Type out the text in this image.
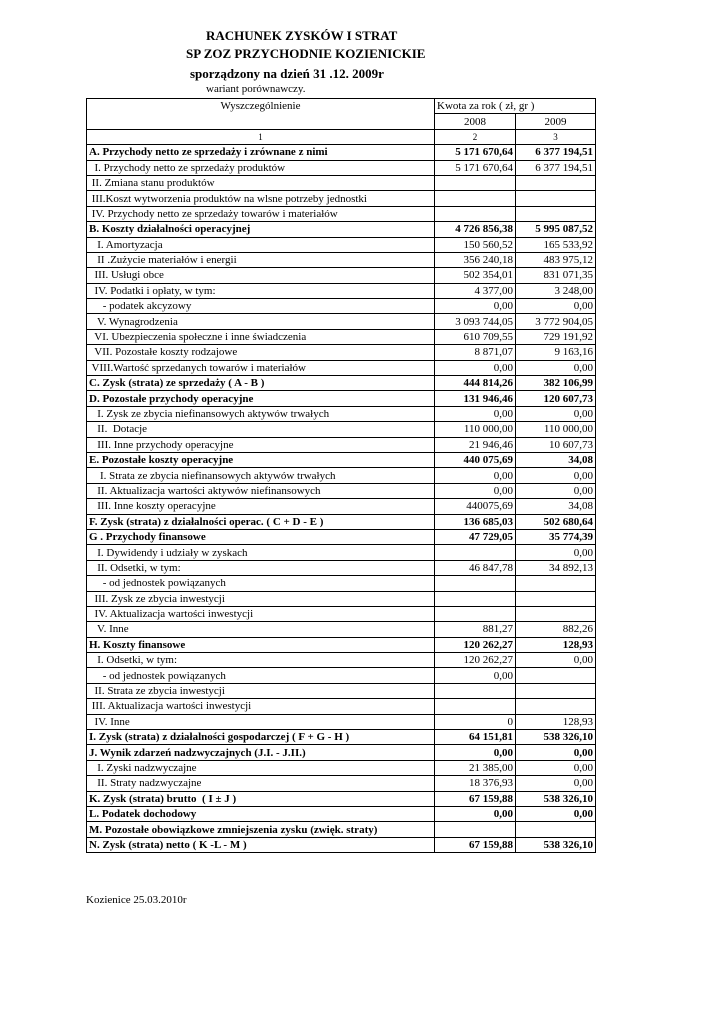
RACHUNEK ZYSKÓW I STRAT
SP ZOZ PRZYCHODNIE KOZIENICKIE
sporządzony na dzień 31 .12. 2009r
wariant porównawczy.
Wyszczególnienie	Kwota za rok ( zł, gr )	
	2008	2009
1	2	3
A. Przychody netto ze sprzedaży i zrównane z nimi	5 171 670,64	6 377 194,51
I. Przychody netto ze sprzedaży produktów	5 171 670,64	6 377 194,51
II. Zmiana stanu produktów		
III.Koszt wytworzenia produktów na wlsne potrzeby jednostki		
IV. Przychody netto ze sprzedaży towarów i materiałów		
B. Koszty działalności operacyjnej	4 726 856,38	5 995 087,52
I. Amortyzacja	150 560,52	165 533,92
II .Zużycie materiałów i energii	356 240,18	483 975,12
III. Usługi obce	502 354,01	831 071,35
IV. Podatki i opłaty, w tym:	4 377,00	3 248,00
- podatek akcyzowy	0,00	0,00
V. Wynagrodzenia	3 093 744,05	3 772 904,05
VI. Ubezpieczenia społeczne i inne świadczenia	610 709,55	729 191,92
VII. Pozostałe koszty rodzajowe	8 871,07	9 163,16
VIII.Wartość sprzedanych towarów i materiałów	0,00	0,00
C. Zysk (strata) ze sprzedaży ( A - B )	444 814,26	382 106,99
D. Pozostałe przychody operacyjne	131 946,46	120 607,73
I. Zysk ze zbycia niefinansowych aktywów trwałych	0,00	0,00
II.  Dotacje	110 000,00	110 000,00
III. Inne przychody operacyjne	21 946,46	10 607,73
E. Pozostałe koszty operacyjne	440 075,69	34,08
I. Strata ze zbycia niefinansowych aktywów trwałych	0,00	0,00
II. Aktualizacja wartości aktywów niefinansowych	0,00	0,00
III. Inne koszty operacyjne	440075,69	34,08
F. Zysk (strata) z działalności operac. ( C + D - E )	136 685,03	502 680,64
G . Przychody finansowe	47 729,05	35 774,39
I. Dywidendy i udziały w zyskach		0,00
II. Odsetki, w tym:	46 847,78	34 892,13
- od jednostek powiązanych		
III. Zysk ze zbycia inwestycji		
IV. Aktualizacja wartości inwestycji		
V. Inne	881,27	882,26
H. Koszty finansowe	120 262,27	128,93
I. Odsetki, w tym:	120 262,27	0,00
- od jednostek powiązanych	0,00	
II. Strata ze zbycia inwestycji		
III. Aktualizacja wartości inwestycji		
IV. Inne	0	128,93
I. Zysk (strata) z działalności gospodarczej ( F + G - H )	64 151,81	538 326,10
J. Wynik zdarzeń nadzwyczajnych (J.I. - J.II.)	0,00	0,00
I. Zyski nadzwyczajne	21 385,00	0,00
II. Straty nadzwyczajne	18 376,93	0,00
K. Zysk (strata) brutto  ( I ± J )	67 159,88	538 326,10
L. Podatek dochodowy	0,00	0,00
M. Pozostałe obowiązkowe zmniejszenia zysku (zwięk. straty)		
N. Zysk (strata) netto ( K -L - M )	67 159,88	538 326,10
Kozienice 25.03.2010r
